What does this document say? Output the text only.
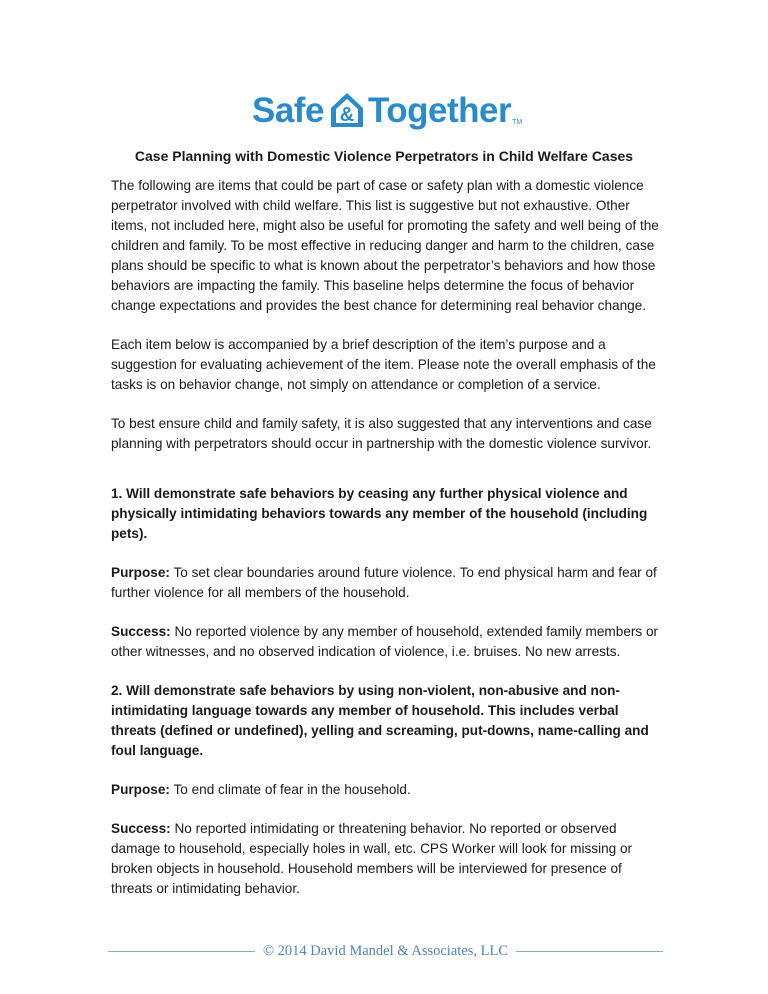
Safe & Together TM
Case Planning with Domestic Violence Perpetrators in Child Welfare Cases

The following are items that could be part of case or safety plan with a domestic violence perpetrator involved with child welfare. This list is suggestive but not exhaustive. Other items, not included here, might also be useful for promoting the safety and well being of the children and family. To be most effective in reducing danger and harm to the children, case plans should be specific to what is known about the perpetrator’s behaviors and how those behaviors are impacting the family. This baseline helps determine the focus of behavior change expectations and provides the best chance for determining real behavior change.

Each item below is accompanied by a brief description of the item’s purpose and a suggestion for evaluating achievement of the item. Please note the overall emphasis of the tasks is on behavior change, not simply on attendance or completion of a service.

To best ensure child and family safety, it is also suggested that any interventions and case planning with perpetrators should occur in partnership with the domestic violence survivor.

1. Will demonstrate safe behaviors by ceasing any further physical violence and physically intimidating behaviors towards any member of the household (including pets).

Purpose: To set clear boundaries around future violence. To end physical harm and fear of further violence for all members of the household.

Success: No reported violence by any member of household, extended family members or other witnesses, and no observed indication of violence, i.e. bruises. No new arrests.

2. Will demonstrate safe behaviors by using non-violent, non-abusive and non-intimidating language towards any member of household. This includes verbal threats (defined or undefined), yelling and screaming, put-downs, name-calling and foul language.

Purpose: To end climate of fear in the household.

Success: No reported intimidating or threatening behavior. No reported or observed damage to household, especially holes in wall, etc. CPS Worker will look for missing or broken objects in household. Household members will be interviewed for presence of threats or intimidating behavior.

© 2014 David Mandel & Associates, LLC
